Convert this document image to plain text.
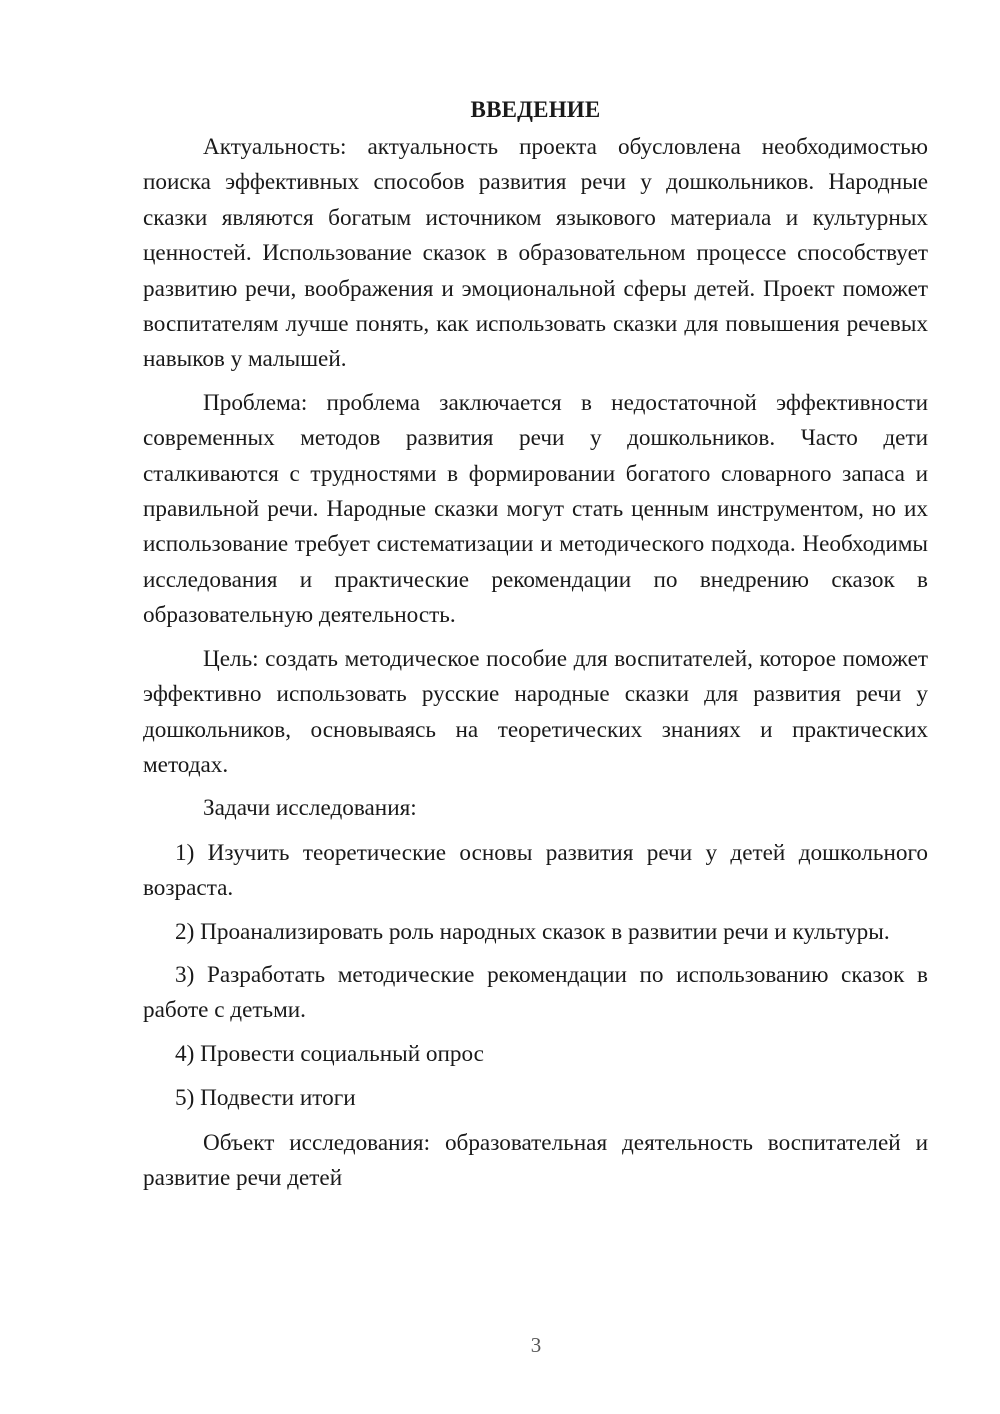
ВВЕДЕНИЕ

Актуальность: актуальность проекта обусловлена необходимостью поиска эффективных способов развития речи у дошкольников. Народные сказки являются богатым источником языкового материала и культурных ценностей. Использование сказок в образовательном процессе способствует развитию речи, воображения и эмоциональной сферы детей. Проект поможет воспитателям лучше понять, как использовать сказки для повышения речевых навыков у малышей.

Проблема: проблема заключается в недостаточной эффективности современных методов развития речи у дошкольников. Часто дети сталкиваются с трудностями в формировании богатого словарного запаса и правильной речи. Народные сказки могут стать ценным инструментом, но их использование требует систематизации и методического подхода. Необходимы исследования и практические рекомендации по внедрению сказок в образовательную деятельность.

Цель: создать методическое пособие для воспитателей, которое поможет эффективно использовать русские народные сказки для развития речи у дошкольников, основываясь на теоретических знаниях и практических методах.

Задачи исследования:

1) Изучить теоретические основы развития речи у детей дошкольного возраста.

2) Проанализировать роль народных сказок в развитии речи и культуры.

3) Разработать методические рекомендации по использованию сказок в работе с детьми.

4) Провести социальный опрос

5) Подвести итоги

Объект исследования: образовательная деятельность воспитателей и развитие речи детей

3
